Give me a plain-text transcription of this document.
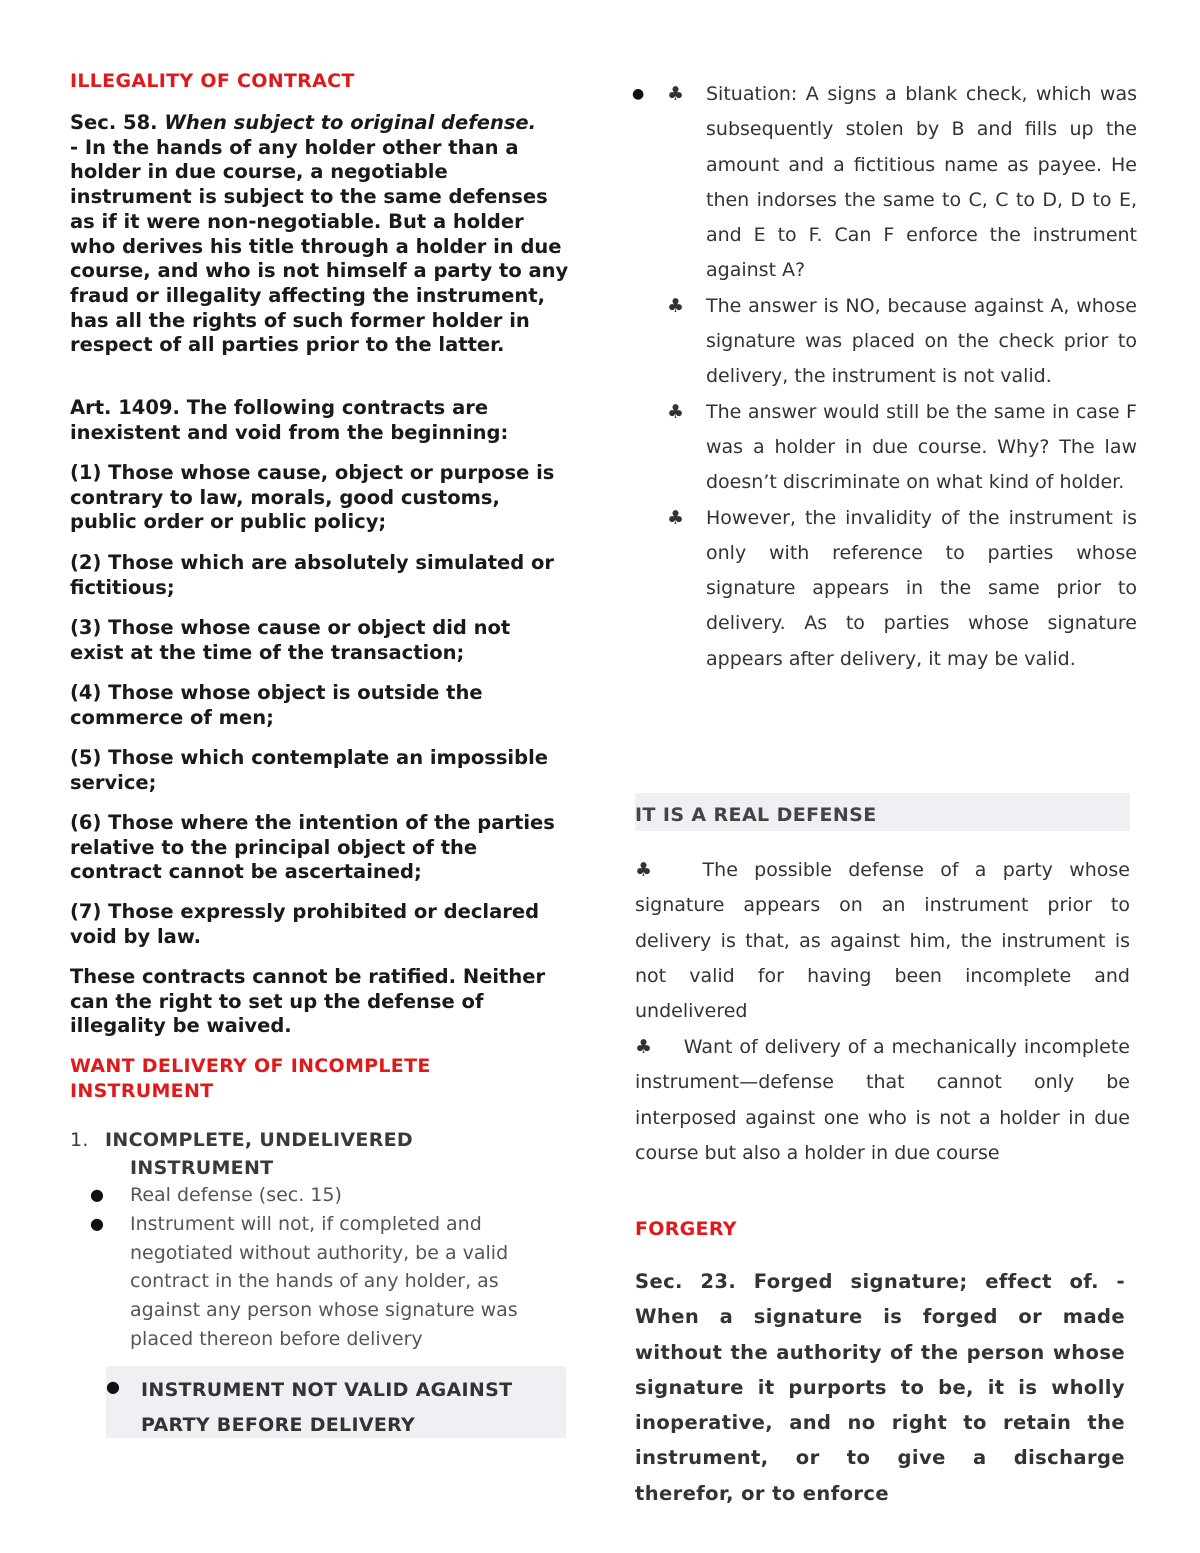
ILLEGALITY OF CONTRACT
Sec. 58. When subject to original defense.
- In the hands of any holder other than a holder in due course, a negotiable instrument is subject to the same defenses as if it were non-negotiable. But a holder who derives his title through a holder in due course, and who is not himself a party to any fraud or illegality affecting the instrument, has all the rights of such former holder in respect of all parties prior to the latter.
Art. 1409. The following contracts are inexistent and void from the beginning:
(1) Those whose cause, object or purpose is contrary to law, morals, good customs, public order or public policy;
(2) Those which are absolutely simulated or fictitious;
(3) Those whose cause or object did not exist at the time of the transaction;
(4) Those whose object is outside the commerce of men;
(5) Those which contemplate an impossible service;
(6) Those where the intention of the parties relative to the principal object of the contract cannot be ascertained;
(7) Those expressly prohibited or declared void by law.
These contracts cannot be ratified. Neither can the right to set up the defense of illegality be waived.
WANT DELIVERY OF INCOMPLETE INSTRUMENT
1. INCOMPLETE, UNDELIVERED
INSTRUMENT
●	Real defense (sec. 15)
●	Instrument will not, if completed and negotiated without authority, be a valid contract in the hands of any holder, as against any person whose signature was placed thereon before delivery
● INSTRUMENT NOT VALID AGAINST PARTY BEFORE DELIVERY
● ♣ Situation: A signs a blank check, which was subsequently stolen by B and fills up the amount and a fictitious name as payee. He then indorses the same to C, C to D, D to E, and E to F. Can F enforce the instrument against A?
♣ The answer is NO, because against A, whose signature was placed on the check prior to delivery, the instrument is not valid.
♣ The answer would still be the same in case F was a holder in due course. Why? The law doesn’t discriminate on what kind of holder.
♣ However, the invalidity of the instrument is only with reference to parties whose signature appears in the same prior to delivery. As to parties whose signature appears after delivery, it may be valid.
IT IS A REAL DEFENSE
♣ The possible defense of a party whose signature appears on an instrument prior to delivery is that, as against him, the instrument is not valid for having been incomplete and undelivered
♣ Want of delivery of a mechanically incomplete instrument—defense that cannot only be interposed against one who is not a holder in due course but also a holder in due course
FORGERY
Sec. 23. Forged signature; effect of. - When a signature is forged or made without the authority of the person whose signature it purports to be, it is wholly inoperative, and no right to retain the instrument, or to give a discharge therefor, or to enforce
